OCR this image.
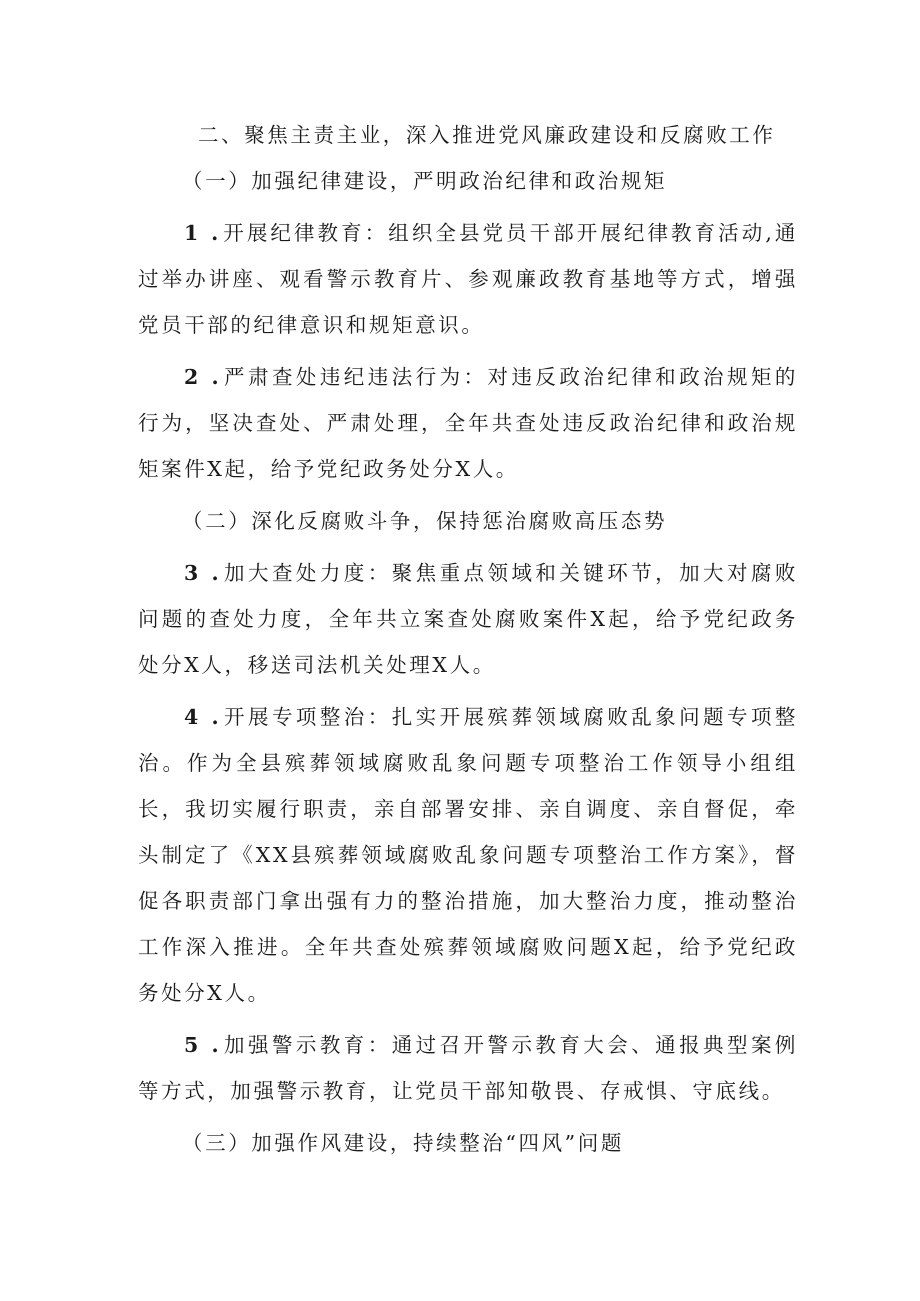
二、聚焦主责主业，深入推进党风廉政建设和反腐败工作

（一）加强纪律建设，严明政治纪律和政治规矩

1 .开展纪律教育：组织全县党员干部开展纪律教育活动,通过举办讲座、观看警示教育片、参观廉政教育基地等方式，增强党员干部的纪律意识和规矩意识。

2 .严肃查处违纪违法行为：对违反政治纪律和政治规矩的行为，坚决查处、严肃处理，全年共查处违反政治纪律和政治规矩案件X起，给予党纪政务处分X人。

（二）深化反腐败斗争，保持惩治腐败高压态势

3 .加大查处力度：聚焦重点领域和关键环节，加大对腐败问题的查处力度，全年共立案查处腐败案件X起，给予党纪政务处分X人，移送司法机关处理X人。

4 .开展专项整治：扎实开展殡葬领域腐败乱象问题专项整治。作为全县殡葬领域腐败乱象问题专项整治工作领导小组组长，我切实履行职责，亲自部署安排、亲自调度、亲自督促，牵头制定了《XX县殡葬领域腐败乱象问题专项整治工作方案》，督促各职责部门拿出强有力的整治措施，加大整治力度，推动整治工作深入推进。全年共查处殡葬领域腐败问题X起，给予党纪政务处分X人。

5 .加强警示教育：通过召开警示教育大会、通报典型案例等方式，加强警示教育，让党员干部知敬畏、存戒惧、守底线。

（三）加强作风建设，持续整治“四风”问题
